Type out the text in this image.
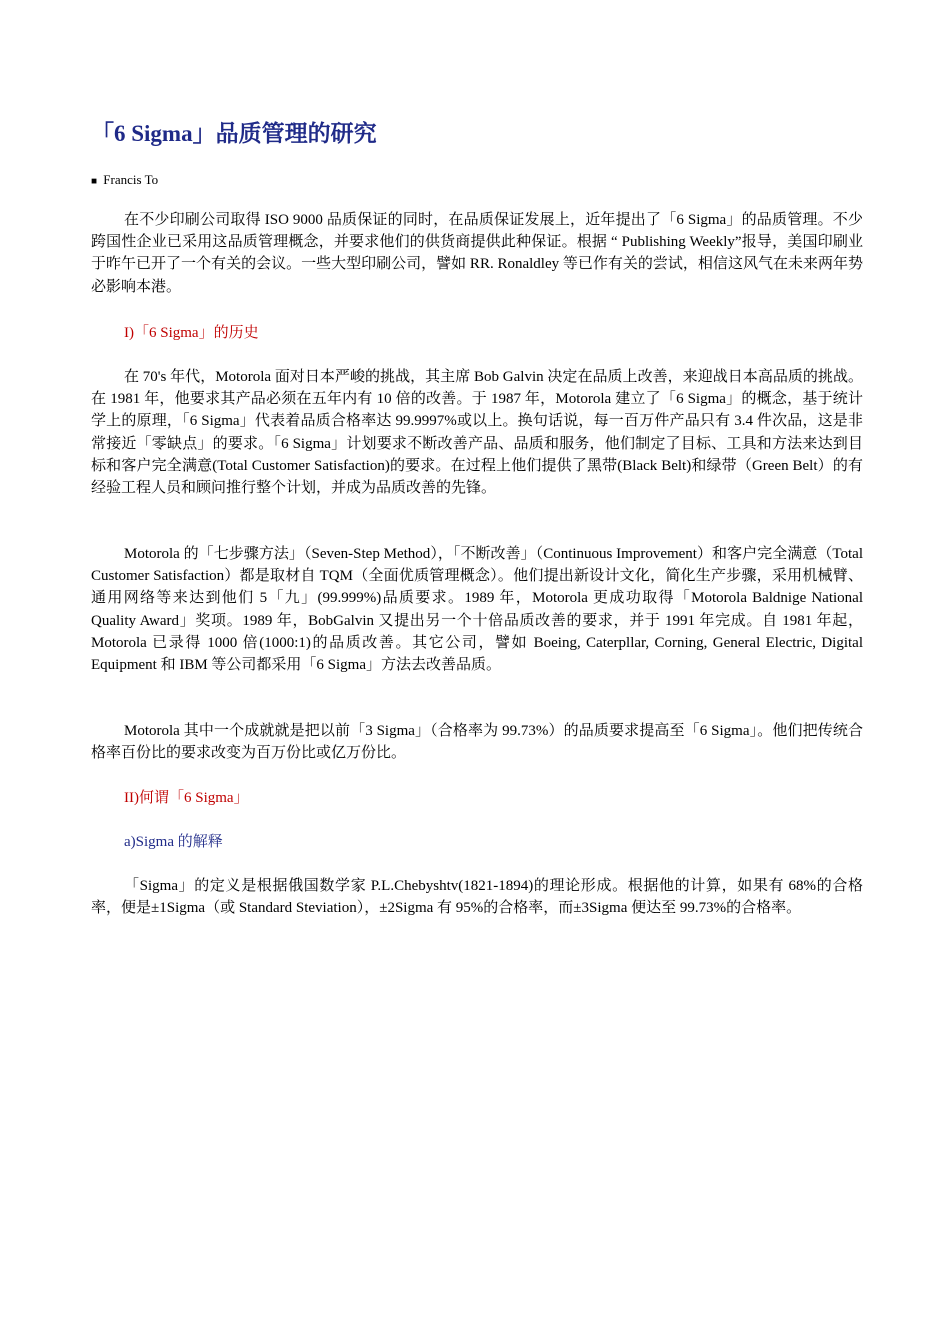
「6 Sigma」品质管理的研究
■ Francis To

在不少印刷公司取得 ISO 9000 品质保证的同时，在品质保证发展上，近年提出了「6 Sigma」的品质管理。不少跨国性企业已采用这品质管理概念，并要求他们的供货商提供此种保证。根据 “ Publishing Weekly”报导，美国印刷业于昨午已开了一个有关的会议。一些大型印刷公司，譬如 RR. Ronaldley 等已作有关的尝试，相信这风气在未来两年势必影响本港。

I)「6 Sigma」的历史

在 70's 年代，Motorola 面对日本严峻的挑战，其主席 Bob Galvin 决定在品质上改善，来迎战日本高品质的挑战。在 1981 年，他要求其产品必须在五年内有 10 倍的改善。于 1987 年，Motorola 建立了「6 Sigma」的概念，基于统计学上的原理，「6 Sigma」代表着品质合格率达 99.9997%或以上。换句话说，每一百万件产品只有 3.4 件次品，这是非常接近「零缺点」的要求。「6 Sigma」计划要求不断改善产品、品质和服务，他们制定了目标、工具和方法来达到目标和客户完全满意(Total Customer Satisfaction)的要求。在过程上他们提供了黑带(Black Belt)和绿带（Green Belt）的有经验工程人员和顾问推行整个计划，并成为品质改善的先锋。

Motorola 的「七步骤方法」（Seven-Step Method），「不断改善」（Continuous Improvement）和客户完全满意（Total Customer Satisfaction）都是取材自 TQM（全面优质管理概念）。他们提出新设计文化，简化生产步骤，采用机械臂、通用网络等来达到他们 5「九」(99.999%)品质要求。1989 年，Motorola 更成功取得「Motorola Baldnige National Quality Award」奖项。1989 年，BobGalvin 又提出另一个十倍品质改善的要求，并于 1991 年完成。自 1981 年起，Motorola 已录得 1000 倍(1000:1)的品质改善。其它公司，譬如 Boeing, Caterpllar, Corning, General Electric, Digital Equipment 和 IBM 等公司都采用「6 Sigma」方法去改善品质。

Motorola 其中一个成就就是把以前「3 Sigma」（合格率为 99.73%）的品质要求提高至「6 Sigma」。他们把传统合格率百份比的要求改变为百万份比或亿万份比。

II)何谓「6 Sigma」

a)Sigma 的解释

「Sigma」的定义是根据俄国数学家 P.L.Chebyshtv(1821-1894)的理论形成。根据他的计算，如果有 68%的合格率，便是±1Sigma（或 Standard Steviation），±2Sigma 有 95%的合格率，而±3Sigma 便达至 99.73%的合格率。
